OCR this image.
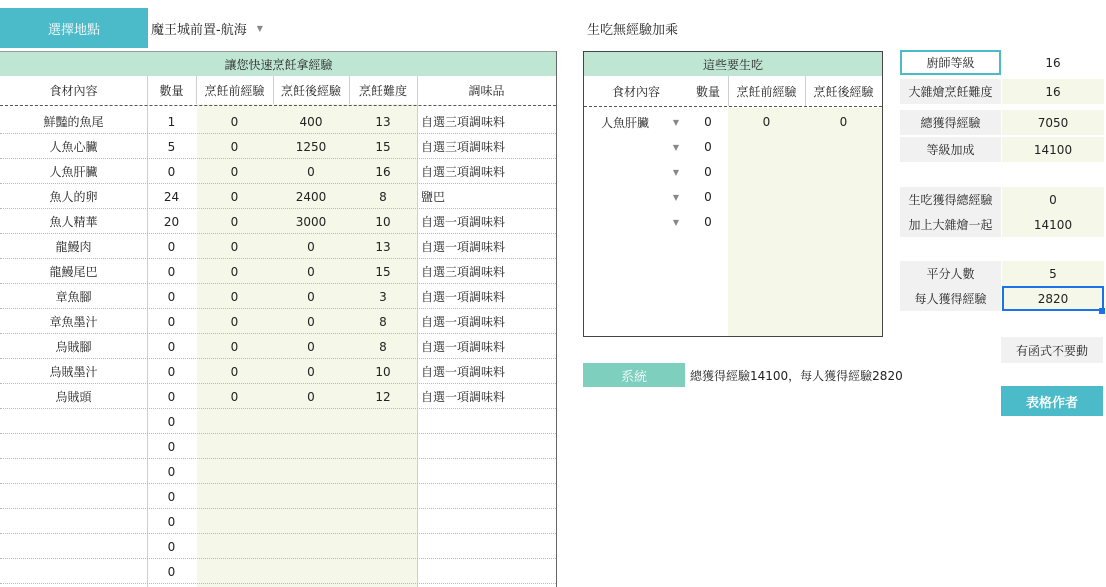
選擇地點	魔王城前置-航海 ▼	生吃無經驗加乘
讓您快速烹飪拿經驗
食材內容	數量	烹飪前經驗	烹飪後經驗	烹飪難度	調味品
鮮豔的魚尾	1	0	400	13	自選三項調味料
人魚心臟	5	0	1250	15	自選三項調味料
人魚肝臟	0	0	0	16	自選三項調味料
魚人的卵	24	0	2400	8	鹽巴
魚人精華	20	0	3000	10	自選一項調味料
龍鰻肉	0	0	0	13	自選一項調味料
龍鰻尾巴	0	0	0	15	自選三項調味料
章魚腳	0	0	0	3	自選一項調味料
章魚墨汁	0	0	0	8	自選一項調味料
烏賊腳	0	0	0	8	自選一項調味料
烏賊墨汁	0	0	0	10	自選一項調味料
烏賊頭	0	0	0	12	自選一項調味料
0
0
0
0
0
0
0
這些要生吃
食材內容	數量	烹飪前經驗	烹飪後經驗
人魚肝臟	▼	0	0	0
▼	0
▼	0
▼	0
▼	0
系統	總獲得經驗14100，每人獲得經驗2820
廚師等級	16
大雜燴烹飪難度	16
總獲得經驗	7050
等級加成	14100
生吃獲得總經驗	0
加上大雜燴一起	14100
平分人數	5
每人獲得經驗	2820
有函式不要動
表格作者
